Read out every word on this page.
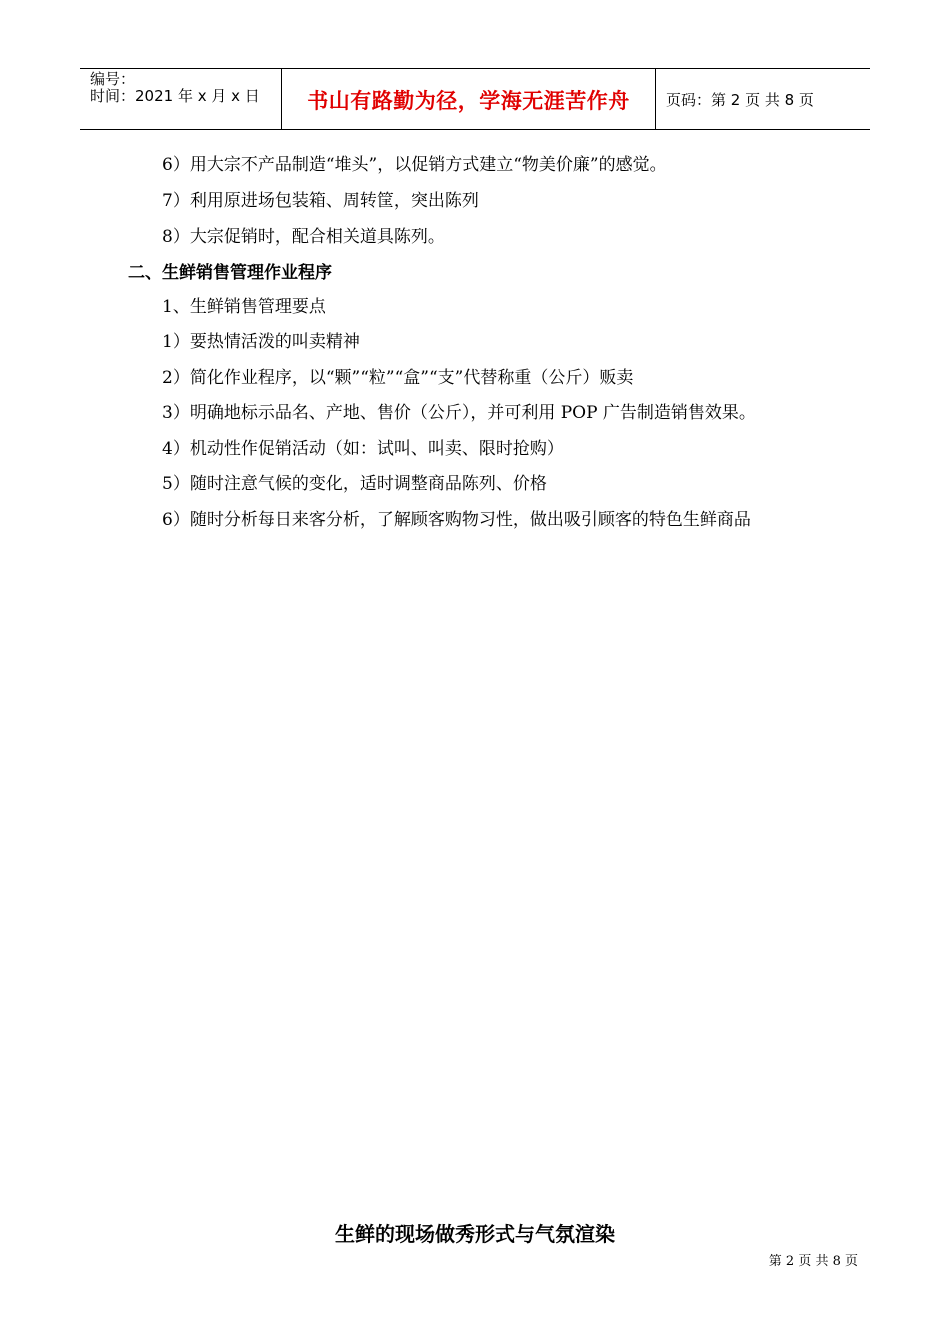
编号：
时间：2021 年 x 月 x 日	书山有路勤为径，学海无涯苦作舟 页码：第 2 页 共 8 页
6）用大宗不产品制造“堆头”，以促销方式建立“物美价廉”的感觉。
7）利用原进场包装箱、周转筐，突出陈列
8）大宗促销时，配合相关道具陈列。
二、生鲜销售管理作业程序
1、生鲜销售管理要点
1）要热情活泼的叫卖精神
2）简化作业程序，以“颗”“粒”“盒”“支”代替称重（公斤）贩卖
3）明确地标示品名、产地、售价（公斤），并可利用 POP 广告制造销售效果。
4）机动性作促销活动（如：试叫、叫卖、限时抢购）
5）随时注意气候的变化，适时调整商品陈列、价格
6）随时分析每日来客分析，了解顾客购物习性，做出吸引顾客的特色生鲜商品
生鲜的现场做秀形式与气氛渲染
第 2 页 共 8 页
